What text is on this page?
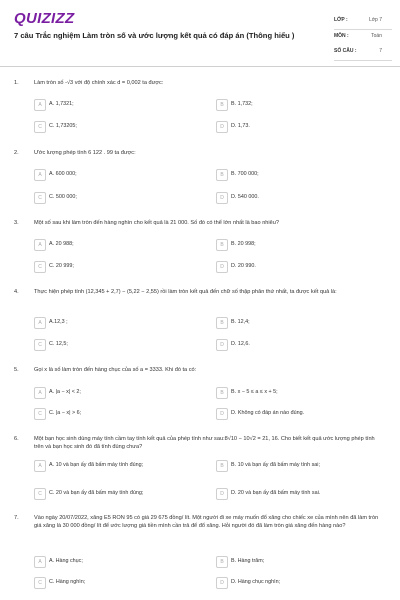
QUIZIZZ
7 câu Trắc nghiệm Làm tròn số và ước lượng kết quả có đáp án (Thông hiểu )
LỚP :	Lớp 7
MÔN :	Toán
SỐ CÂU :	7
1.	Làm tròn số -√3 với độ chính xác d = 0,002 ta được:
A	A. 1,7321;	B	B. 1,732;
C	C. 1,73205;	D	D. 1,73.
2.	Ước lượng phép tính 6 122 . 99 ta được:
A	A. 600 000;	B	B. 700 000;
C	C. 500 000;	D	D. 540 000.
3.	Một số sau khi làm tròn đến hàng nghìn cho kết quả là 21 000. Số đó có thể lớn nhất là bao nhiêu?
A	A. 20 988;	B	B. 20 998;
C	C. 20 999;	D	D. 20 990.
4.	Thực hiện phép tính (12,345 + 2,7) − (5,22 − 2,55) rồi làm tròn kết quả đến chữ số thập phân thứ nhất, ta được kết quả là:
A	A.12,3 ;	B	B. 12,4;
C	C. 12,5;	D	D. 12,6.
5.	Gọi x là số làm tròn đến hàng chục của số a = 3333. Khi đó ta có:
A	A. |a − x| < 2;	B	B. x − 5 ≤ a ≤ x + 5;
C	C. |a − x| > 6;	D	D. Không có đáp án nào đúng.
6.	Một bạn học sinh dùng máy tính cầm tay tính kết quả của phép tính như sau:8√10 − 10√2 = 21, 16. Cho biết kết quả ước lượng phép tính trên và bạn học sinh đó đã tính đúng chưa?
A	A. 10 và bạn ấy đã bấm máy tính đúng;	B	B. 10 và bạn ấy đã bấm máy tính sai;
C	C. 20 và bạn ấy đã bấm máy tính đúng;	D	D. 20 và bạn ấy đã bấm máy tính sai.
7.	Vào ngày 20/07/2022, xăng E5 RON 95 có giá 29 675 đồng/ lít. Một người đi xe máy muốn đổ xăng cho chiếc xe của mình nên đã làm tròn giá xăng là 30 000 đồng/ lít để ước lượng giá tiền mình cần trả để đổ xăng. Hỏi người đó đã làm tròn giá xăng đến hàng nào?
A	A. Hàng chục;	B	B. Hàng trăm;
C	C. Hàng nghìn;	D	D. Hàng chục nghìn;
